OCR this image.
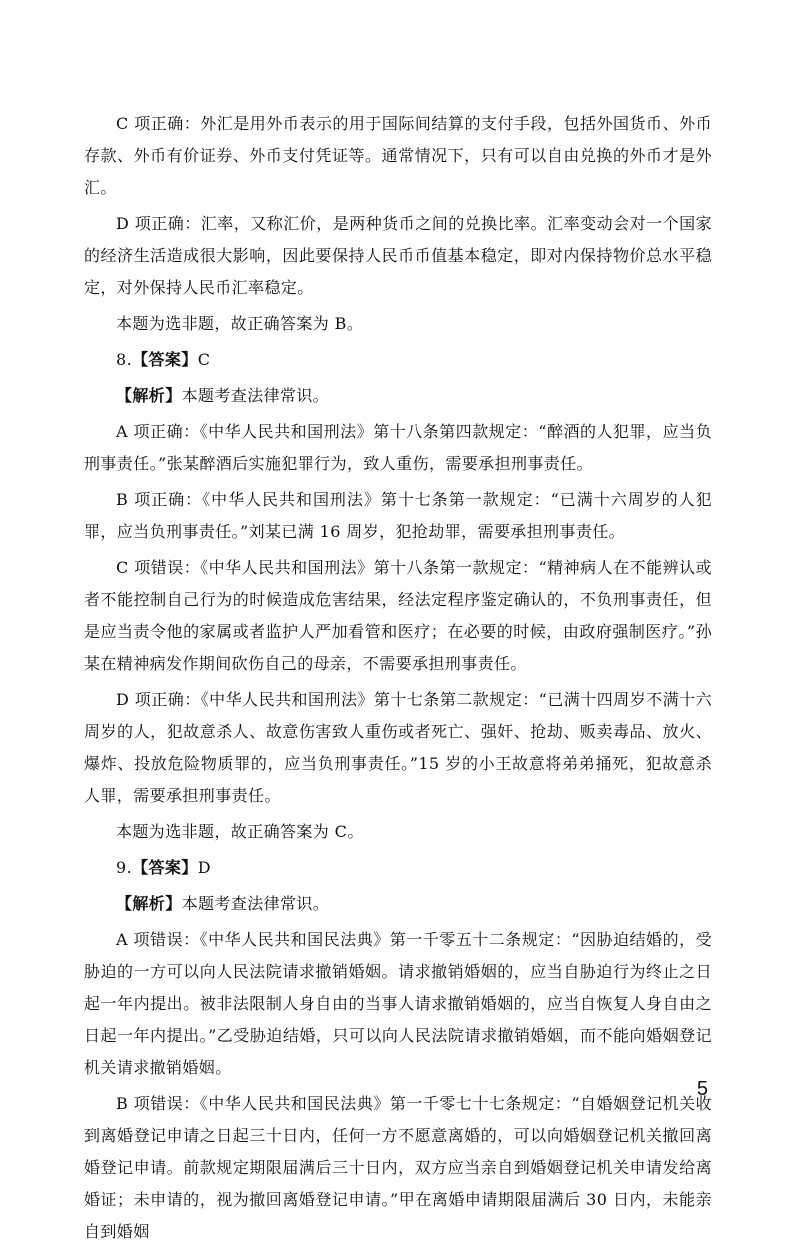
C 项正确：外汇是用外币表示的用于国际间结算的支付手段，包括外国货币、外币存款、外币有价证券、外币支付凭证等。通常情况下，只有可以自由兑换的外币才是外汇。

D 项正确：汇率，又称汇价，是两种货币之间的兑换比率。汇率变动会对一个国家的经济生活造成很大影响，因此要保持人民币币值基本稳定，即对内保持物价总水平稳定，对外保持人民币汇率稳定。

本题为选非题，故正确答案为 B。

8.【答案】C

【解析】本题考查法律常识。

A 项正确：《中华人民共和国刑法》第十八条第四款规定：“醉酒的人犯罪，应当负刑事责任。”张某醉酒后实施犯罪行为，致人重伤，需要承担刑事责任。

B 项正确：《中华人民共和国刑法》第十七条第一款规定：“已满十六周岁的人犯罪，应当负刑事责任。”刘某已满 16 周岁，犯抢劫罪，需要承担刑事责任。

C 项错误：《中华人民共和国刑法》第十八条第一款规定：“精神病人在不能辨认或者不能控制自己行为的时候造成危害结果，经法定程序鉴定确认的，不负刑事责任，但是应当责令他的家属或者监护人严加看管和医疗；在必要的时候，由政府强制医疗。”孙某在精神病发作期间砍伤自己的母亲，不需要承担刑事责任。

D 项正确：《中华人民共和国刑法》第十七条第二款规定：“已满十四周岁不满十六周岁的人，犯故意杀人、故意伤害致人重伤或者死亡、强奸、抢劫、贩卖毒品、放火、爆炸、投放危险物质罪的，应当负刑事责任。”15 岁的小王故意将弟弟捅死，犯故意杀人罪，需要承担刑事责任。

本题为选非题，故正确答案为 C。

9.【答案】D

【解析】本题考查法律常识。

A 项错误：《中华人民共和国民法典》第一千零五十二条规定：“因胁迫结婚的，受胁迫的一方可以向人民法院请求撤销婚姻。请求撤销婚姻的，应当自胁迫行为终止之日起一年内提出。被非法限制人身自由的当事人请求撤销婚姻的，应当自恢复人身自由之日起一年内提出。”乙受胁迫结婚，只可以向人民法院请求撤销婚姻，而不能向婚姻登记机关请求撤销婚姻。

B 项错误：《中华人民共和国民法典》第一千零七十七条规定：“自婚姻登记机关收到离婚登记申请之日起三十日内，任何一方不愿意离婚的，可以向婚姻登记机关撤回离婚登记申请。前款规定期限届满后三十日内，双方应当亲自到婚姻登记机关申请发给离婚证；未申请的，视为撤回离婚登记申请。”甲在离婚申请期限届满后 30 日内，未能亲自到婚姻

5
